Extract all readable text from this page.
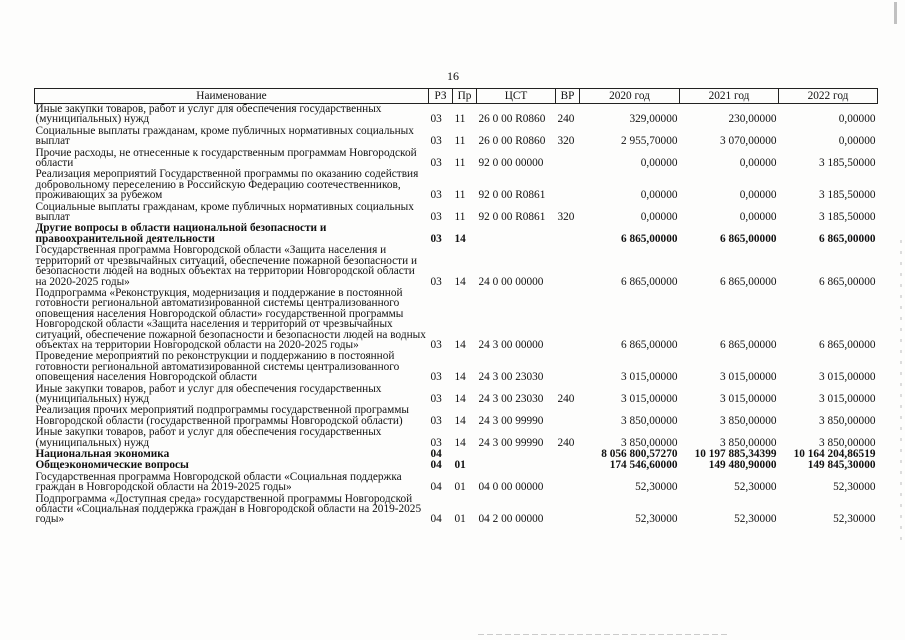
16
Наименование	РЗ	Пр	ЦСТ	ВР	2020 год	2021 год	2022 год
Иные закупки товаров, работ и услуг для обеспечения государственных (муниципальных) нужд	03	11	26 0 00 R0860	240	329,00000	230,00000	0,00000
Социальные выплаты гражданам, кроме публичных нормативных социальных выплат	03	11	26 0 00 R0860	320	2 955,70000	3 070,00000	0,00000
Прочие расходы, не отнесенные к государственным программам Новгородской области	03	11	92 0 00 00000		0,00000	0,00000	3 185,50000
Реализация мероприятий Государственной программы по оказанию содействия добровольному переселению в Российскую Федерацию соотечественников, проживающих за рубежом	03	11	92 0 00 R0861		0,00000	0,00000	3 185,50000
Социальные выплаты гражданам, кроме публичных нормативных социальных выплат	03	11	92 0 00 R0861	320	0,00000	0,00000	3 185,50000
Другие вопросы в области национальной безопасности и правоохранительной деятельности	03	14			6 865,00000	6 865,00000	6 865,00000
Государственная программа Новгородской области «Защита населения и территорий от чрезвычайных ситуаций, обеспечение пожарной безопасности и безопасности людей на водных объектах на территории Новгородской области на 2020-2025 годы»	03	14	24 0 00 00000		6 865,00000	6 865,00000	6 865,00000
Подпрограмма «Реконструкция, модернизация и поддержание в постоянной готовности региональной автоматизированной системы централизованного оповещения населения Новгородской области» государственной программы Новгородской области «Защита населения и территорий от чрезвычайных ситуаций, обеспечение пожарной безопасности и безопасности людей на водных объектах на территории Новгородской области на 2020-2025 годы»	03	14	24 3 00 00000		6 865,00000	6 865,00000	6 865,00000
Проведение мероприятий по реконструкции и поддержанию в постоянной готовности региональной автоматизированной системы централизованного оповещения населения Новгородской области	03	14	24 3 00 23030		3 015,00000	3 015,00000	3 015,00000
Иные закупки товаров, работ и услуг для обеспечения государственных (муниципальных) нужд	03	14	24 3 00 23030	240	3 015,00000	3 015,00000	3 015,00000
Реализация прочих мероприятий подпрограммы государственной программы Новгородской области (государственной программы Новгородской области)	03	14	24 3 00 99990		3 850,00000	3 850,00000	3 850,00000
Иные закупки товаров, работ и услуг для обеспечения государственных (муниципальных) нужд	03	14	24 3 00 99990	240	3 850,00000	3 850,00000	3 850,00000
Национальная экономика	04				8 056 800,57270	10 197 885,34399	10 164 204,86519
Общеэкономические вопросы	04	01			174 546,60000	149 480,90000	149 845,30000
Государственная программа Новгородской области «Социальная поддержка граждан в Новгородской области на 2019-2025 годы»	04	01	04 0 00 00000		52,30000	52,30000	52,30000
Подпрограмма «Доступная среда» государственной программы Новгородской области «Социальная поддержка граждан в Новгородской области на 2019-2025 годы»	04	01	04 2 00 00000		52,30000	52,30000	52,30000
